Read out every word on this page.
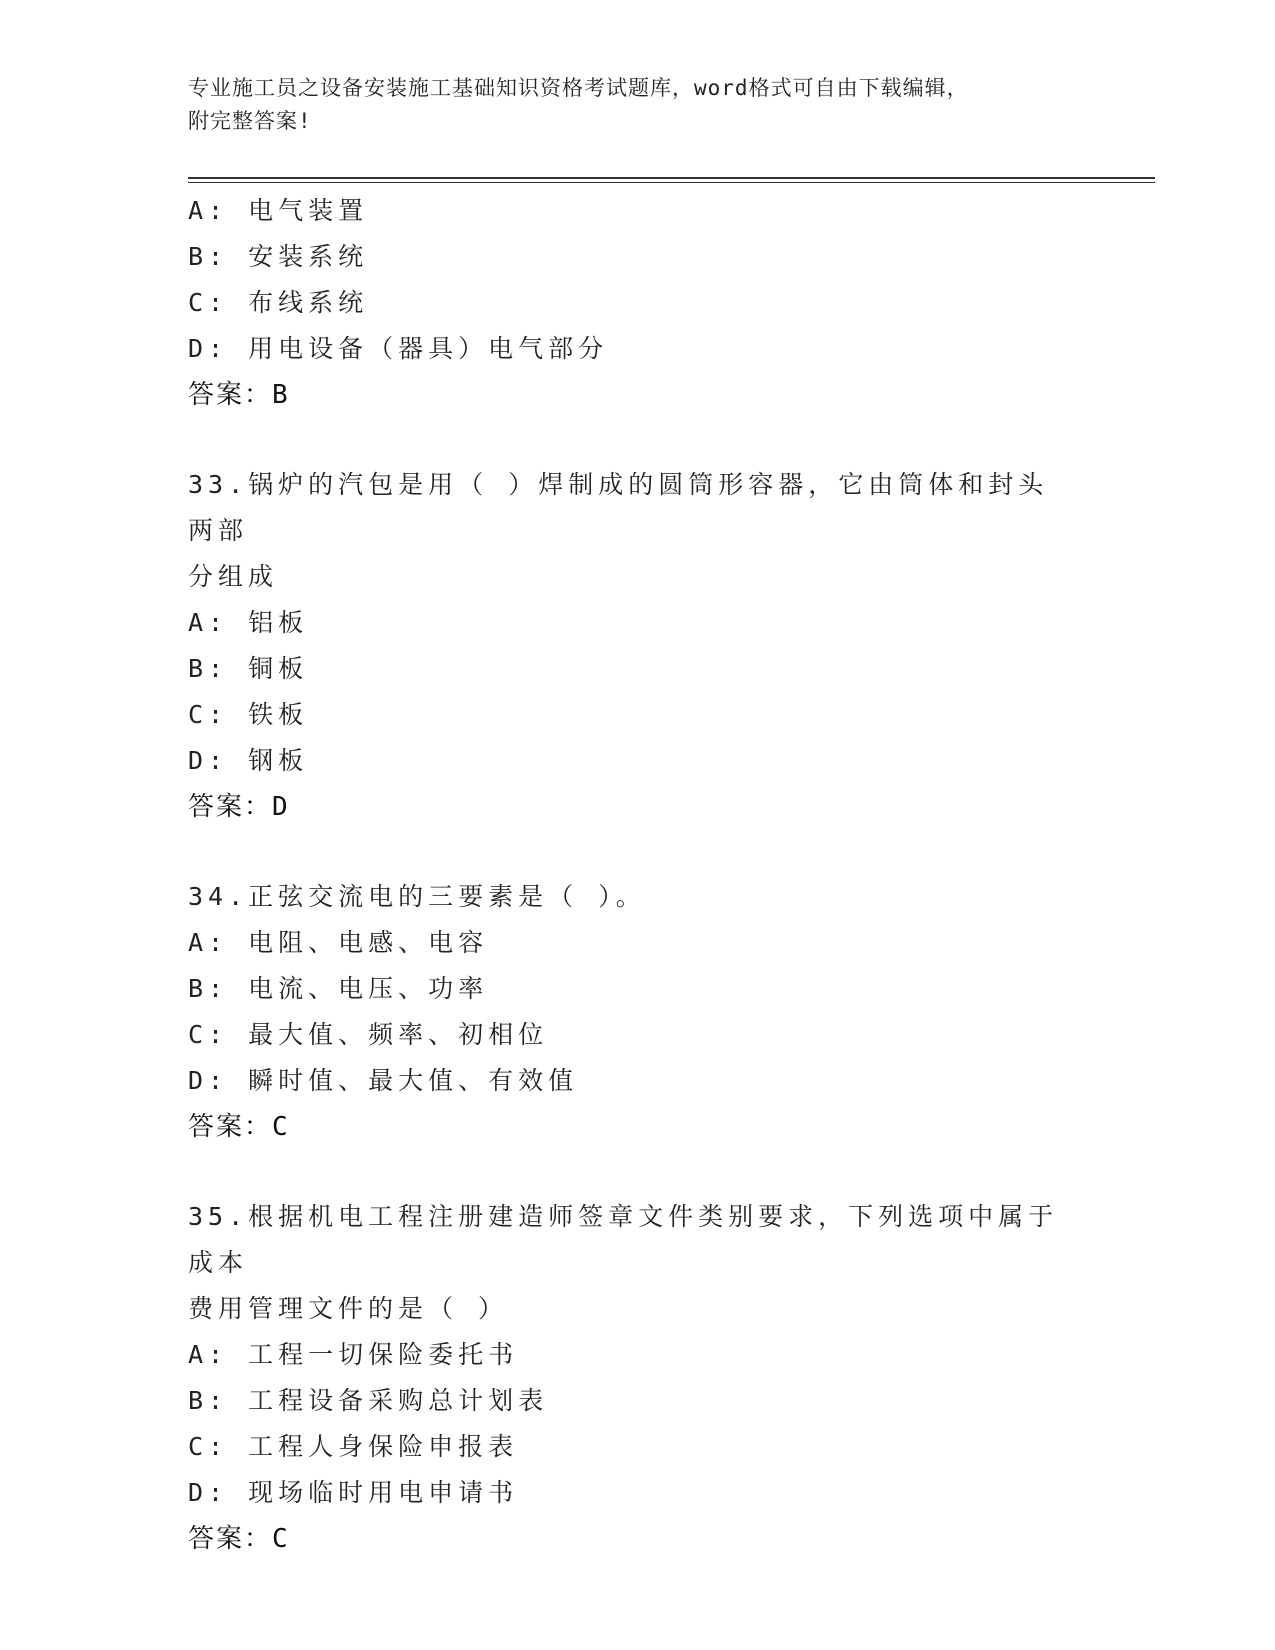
专业施工员之设备安装施工基础知识资格考试题库，word格式可自由下载编辑，
附完整答案!
A: 电气装置
B: 安装系统
C: 布线系统
D: 用电设备（器具）电气部分
答案：B
33.锅炉的汽包是用（ ）焊制成的圆筒形容器，它由筒体和封头两部
分组成
A: 铝板
B: 铜板
C: 铁板
D: 钢板
答案：D
34.正弦交流电的三要素是（ ）。
A: 电阻、电感、电容
B: 电流、电压、功率
C: 最大值、频率、初相位
D: 瞬时值、最大值、有效值
答案：C
35.根据机电工程注册建造师签章文件类别要求，下列选项中属于成本
费用管理文件的是（ ）
A: 工程一切保险委托书
B: 工程设备采购总计划表
C: 工程人身保险申报表
D: 现场临时用电申请书
答案：C
